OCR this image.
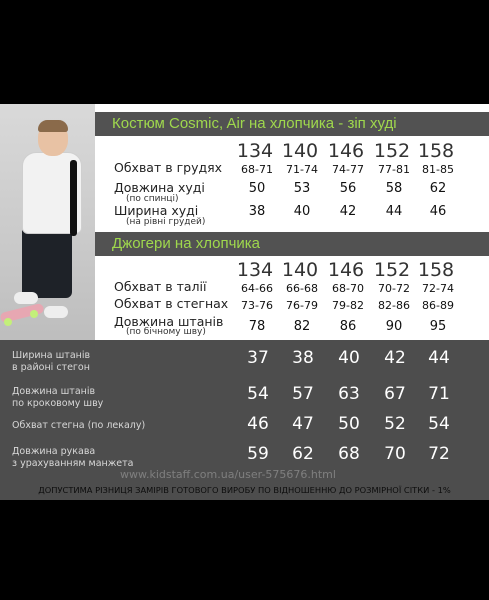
Костюм Cosmic, Air на хлопчика - зіп худі
Джогери на хлопчика
www.kidstaff.com.ua/user-575676.html
ДОПУСТИМА РІЗНИЦЯ ЗАМІРІВ ГОТОВОГО ВИРОБУ ПО ВІДНОШЕННЮ ДО РОЗМІРНОЇ СІТКИ - 1%
134 140 146 152 158
134 140 146 152 158
Обхват в грудях	68-71	71-74	74-77	77-81	81-85
Довжина худі
(по спинці)
50	53	56	58	62
Ширина худі
(на рівні грудей)
38	40	42	44	46
Обхват в талії	64-66	66-68	68-70	70-72	72-74
Обхват в стегнах	73-76	76-79	79-82	82-86	86-89
Довжина штанів
(по бічному шву)	78	82	86	90	95
Ширина штанів
в районі стегон	37	38	40	42	44
Довжина штанів
по кроковому шву	54	57	63	67	71
Обхват стегна (по лекалу)	46	47	50	52	54
Довжина рукава
з урахуванням манжета	59	62	68	70	72
